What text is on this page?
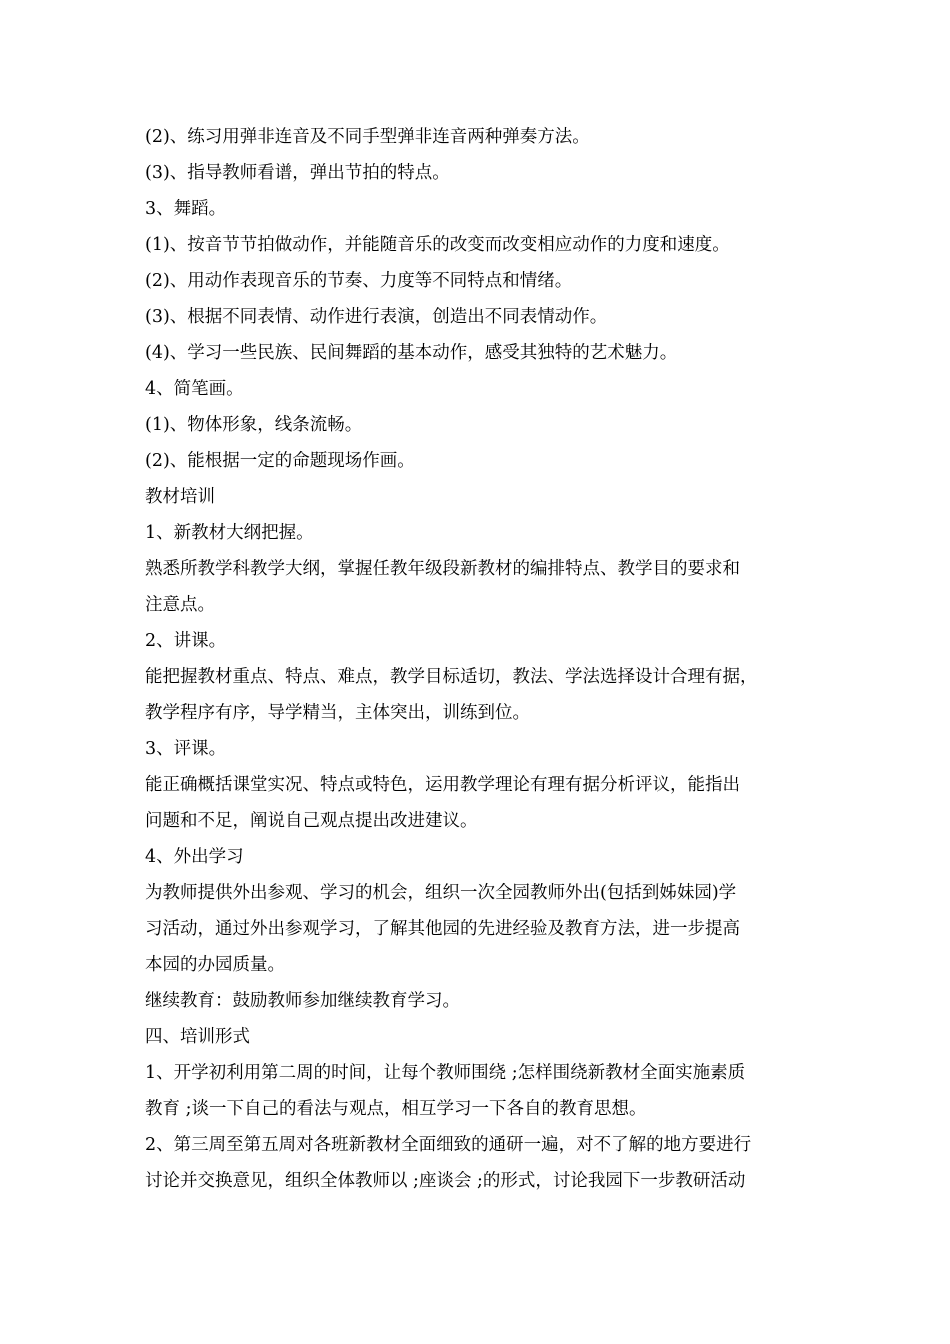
(2)、练习用弹非连音及不同手型弹非连音两种弹奏方法。
(3)、指导教师看谱，弹出节拍的特点。
3、舞蹈。
(1)、按音节节拍做动作，并能随音乐的改变而改变相应动作的力度和速度。
(2)、用动作表现音乐的节奏、力度等不同特点和情绪。
(3)、根据不同表情、动作进行表演，创造出不同表情动作。
(4)、学习一些民族、民间舞蹈的基本动作，感受其独特的艺术魅力。
4、简笔画。
(1)、物体形象，线条流畅。
(2)、能根据一定的命题现场作画。
教材培训
1、新教材大纲把握。
熟悉所教学科教学大纲，掌握任教年级段新教材的编排特点、教学目的要求和
注意点。
2、讲课。
能把握教材重点、特点、难点，教学目标适切，教法、学法选择设计合理有据，
教学程序有序，导学精当，主体突出，训练到位。
3、评课。
能正确概括课堂实况、特点或特色，运用教学理论有理有据分析评议，能指出
问题和不足，阐说自己观点提出改进建议。
4、外出学习
为教师提供外出参观、学习的机会，组织一次全园教师外出(包括到姊妹园)学
习活动，通过外出参观学习，了解其他园的先进经验及教育方法，进一步提高
本园的办园质量。
继续教育：鼓励教师参加继续教育学习。
四、培训形式
1、开学初利用第二周的时间，让每个教师围绕 ;怎样围绕新教材全面实施素质
教育 ;谈一下自己的看法与观点，相互学习一下各自的教育思想。
2、第三周至第五周对各班新教材全面细致的通研一遍，对不了解的地方要进行
讨论并交换意见，组织全体教师以 ;座谈会 ;的形式，讨论我园下一步教研活动
